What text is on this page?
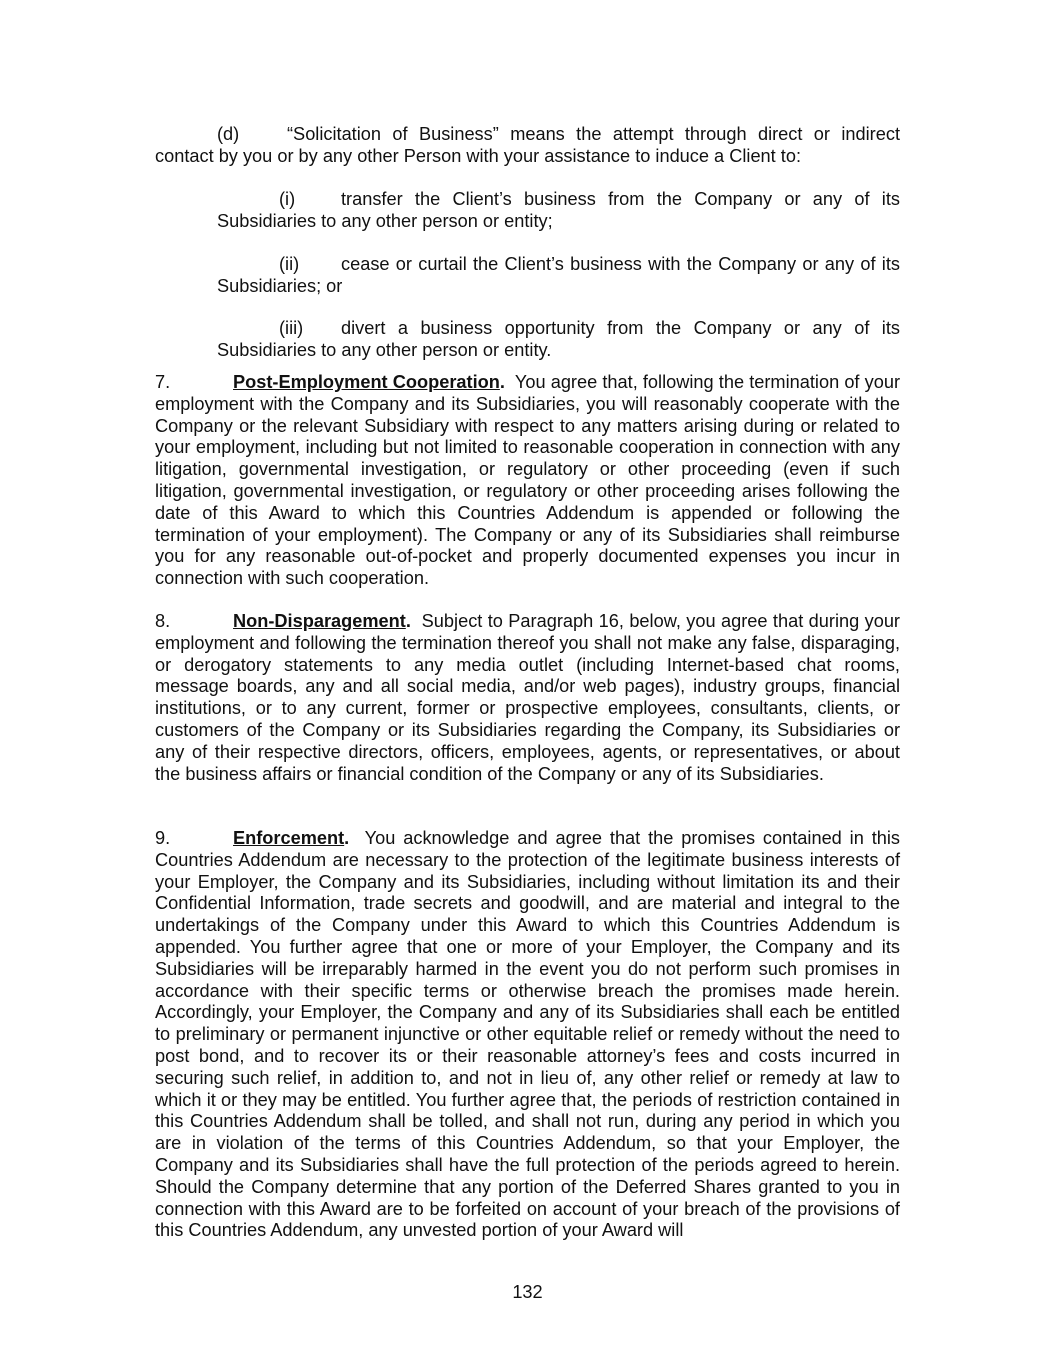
(d)	“Solicitation of Business” means the attempt through direct or indirect contact by you or by any other Person with your assistance to induce a Client to:
(i)	transfer the Client’s business from the Company or any of its Subsidiaries to any other person or entity;
(ii) cease or curtail the Client’s business with the Company or any of its Subsidiaries; or
(iii) divert a business opportunity from the Company or any of its Subsidiaries to any other person or entity.
7.	Post-Employment Cooperation. You agree that, following the termination of your employment with the Company and its Subsidiaries, you will reasonably cooperate with the Company or the relevant Subsidiary with respect to any matters arising during or related to your employment, including but not limited to reasonable cooperation in connection with any litigation, governmental investigation, or regulatory or other proceeding (even if such litigation, governmental investigation, or regulatory or other proceeding arises following the date of this Award to which this Countries Addendum is appended or following the termination of your employment). The Company or any of its Subsidiaries shall reimburse you for any reasonable out-of-pocket and properly documented expenses you incur in connection with such cooperation.
8.	Non-Disparagement. Subject to Paragraph 16, below, you agree that during your employment and following the termination thereof you shall not make any false, disparaging, or derogatory statements to any media outlet (including Internet-based chat rooms, message boards, any and all social media, and/or web pages), industry groups, financial institutions, or to any current, former or prospective employees, consultants, clients, or customers of the Company or its Subsidiaries regarding the Company, its Subsidiaries or any of their respective directors, officers, employees, agents, or representatives, or about the business affairs or financial condition of the Company or any of its Subsidiaries.
9.	Enforcement. You acknowledge and agree that the promises contained in this Countries Addendum are necessary to the protection of the legitimate business interests of your Employer, the Company and its Subsidiaries, including without limitation its and their Confidential Information, trade secrets and goodwill, and are material and integral to the undertakings of the Company under this Award to which this Countries Addendum is appended. You further agree that one or more of your Employer, the Company and its Subsidiaries will be irreparably harmed in the event you do not perform such promises in accordance with their specific terms or otherwise breach the promises made herein. Accordingly, your Employer, the Company and any of its Subsidiaries shall each be entitled to preliminary or permanent injunctive or other equitable relief or remedy without the need to post bond, and to recover its or their reasonable attorney’s fees and costs incurred in securing such relief, in addition to, and not in lieu of, any other relief or remedy at law to which it or they may be entitled. You further agree that, the periods of restriction contained in this Countries Addendum shall be tolled, and shall not run, during any period in which you are in violation of the terms of this Countries Addendum, so that your Employer, the Company and its Subsidiaries shall have the full protection of the periods agreed to herein. Should the Company determine that any portion of the Deferred Shares granted to you in connection with this Award are to be forfeited on account of your breach of the provisions of this Countries Addendum, any unvested portion of your Award will
132
